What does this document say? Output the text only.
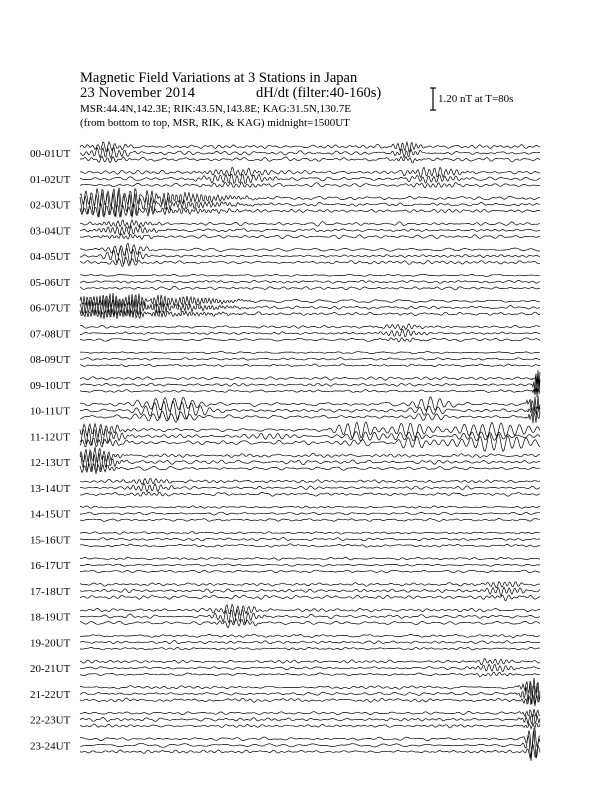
00-01UT
01-02UT
02-03UT
03-04UT
04-05UT
05-06UT
06-07UT
07-08UT
08-09UT
09-10UT
10-11UT
11-12UT
12-13UT
13-14UT
14-15UT
15-16UT
16-17UT
17-18UT
18-19UT
19-20UT
20-21UT
21-22UT
22-23UT
23-24UT
Magnetic Field Variations at 3 Stations in Japan
23 November 2014	dH/dt (filter:40-160s)
MSR:44.4N,142.3E; RIK:43.5N,143.8E; KAG:31.5N,130.7E
(from bottom to top, MSR, RIK, & KAG) midnight=1500UT
1.20 nT at T=80s
